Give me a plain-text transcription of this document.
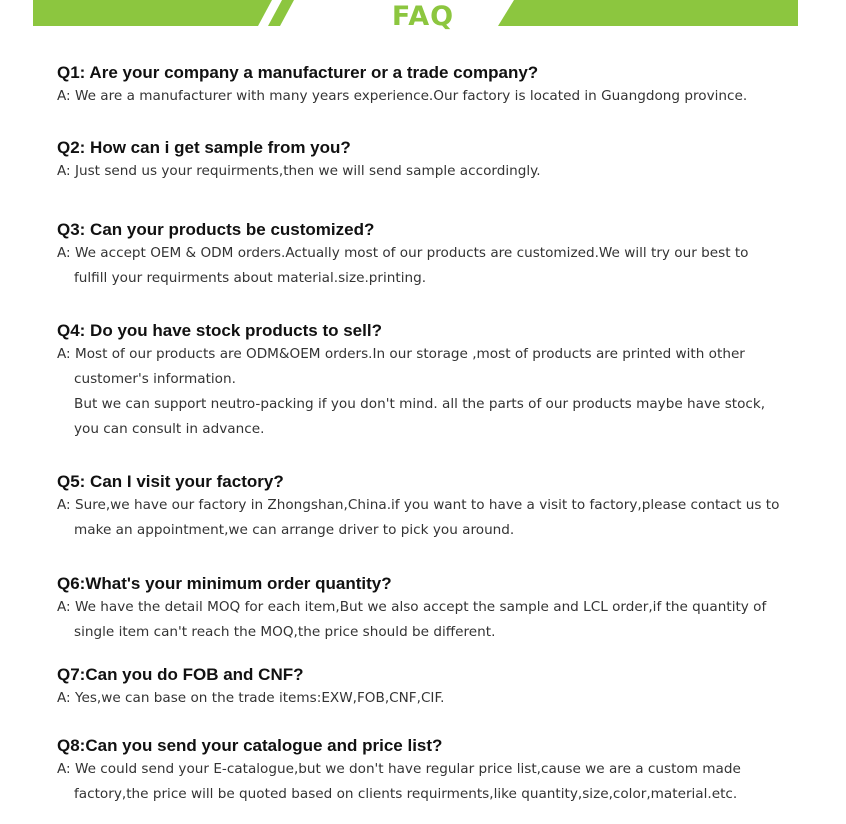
FAQ

Q1: Are your company a manufacturer or a trade company?

A: We are a manufacturer with many years experience.Our factory is located in Guangdong province.

Q2: How can i get sample from you?

A: Just send us your requirments,then we will send sample accordingly.

Q3: Can your products be customized?

A: We accept OEM & ODM orders.Actually most of our products are customized.We will try our best to
fulfill your requirments about material.size.printing.

Q4: Do you have stock products to sell?

A: Most of our products are ODM&OEM orders.In our storage ,most of products are printed with other
customer's information.
But we can support neutro-packing if you don't mind. all the parts of our products maybe have stock,
you can consult in advance.

Q5: Can I visit your factory?

A: Sure,we have our factory in Zhongshan,China.if you want to have a visit to factory,please contact us to
make an appointment,we can arrange driver to pick you around.

Q6:What's your minimum order quantity?

A: We have the detail MOQ for each item,But we also accept the sample and LCL order,if the quantity of
single item can't reach the MOQ,the price should be different.

Q7:Can you do FOB and CNF?

A: Yes,we can base on the trade items:EXW,FOB,CNF,CIF.

Q8:Can you send your catalogue and price list?

A: We could send your E-catalogue,but we don't have regular price list,cause we are a custom made
factory,the price will be quoted based on clients requirments,like quantity,size,color,material.etc.
